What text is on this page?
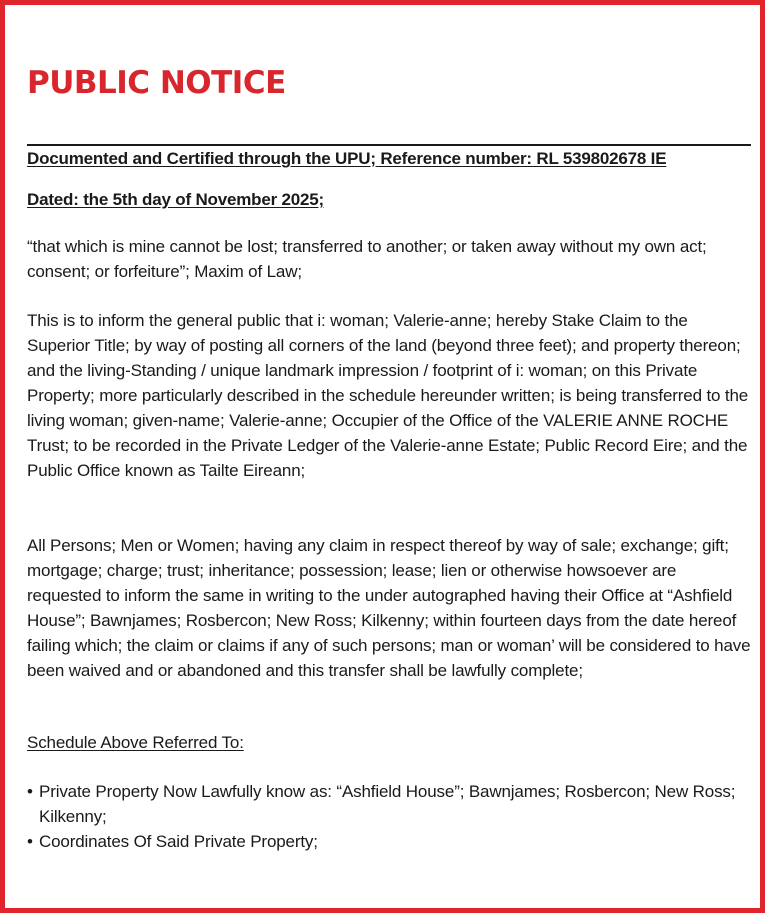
PUBLIC NOTICE
Documented and Certified through the UPU; Reference number: RL 539802678 IE
Dated: the 5th day of November 2025;

“that which is mine cannot be lost; transferred to another; or taken away without my own act; consent; or forfeiture”; Maxim of Law;

This is to inform the general public that i: woman; Valerie-anne; hereby Stake Claim to the Superior Title; by way of posting all corners of the land (beyond three feet); and property thereon; and the living-Standing / unique landmark impression / footprint of i: woman; on this Private Property; more particularly described in the schedule hereunder written; is being transferred to the living woman; given-name; Valerie-anne; Occupier of the Office of the VALERIE ANNE ROCHE Trust; to be recorded in the Private Ledger of the Valerie-anne Estate; Public Record Eire; and the Public Office known as Tailte Eireann;

All Persons; Men or Women; having any claim in respect thereof by way of sale; exchange; gift; mortgage; charge; trust; inheritance; possession; lease; lien or otherwise howsoever are requested to inform the same in writing to the under autographed having their Office at “Ashfield House”; Bawnjames; Rosbercon; New Ross; Kilkenny; within fourteen days from the date hereof failing which; the claim or claims if any of such persons; man or woman’ will be considered to have been waived and or abandoned and this transfer shall be lawfully complete;

Schedule Above Referred To:
• Private Property Now Lawfully know as: “Ashfield House”; Bawnjames; Rosbercon; New Ross; Kilkenny;
• Coordinates Of Said Private Property;
